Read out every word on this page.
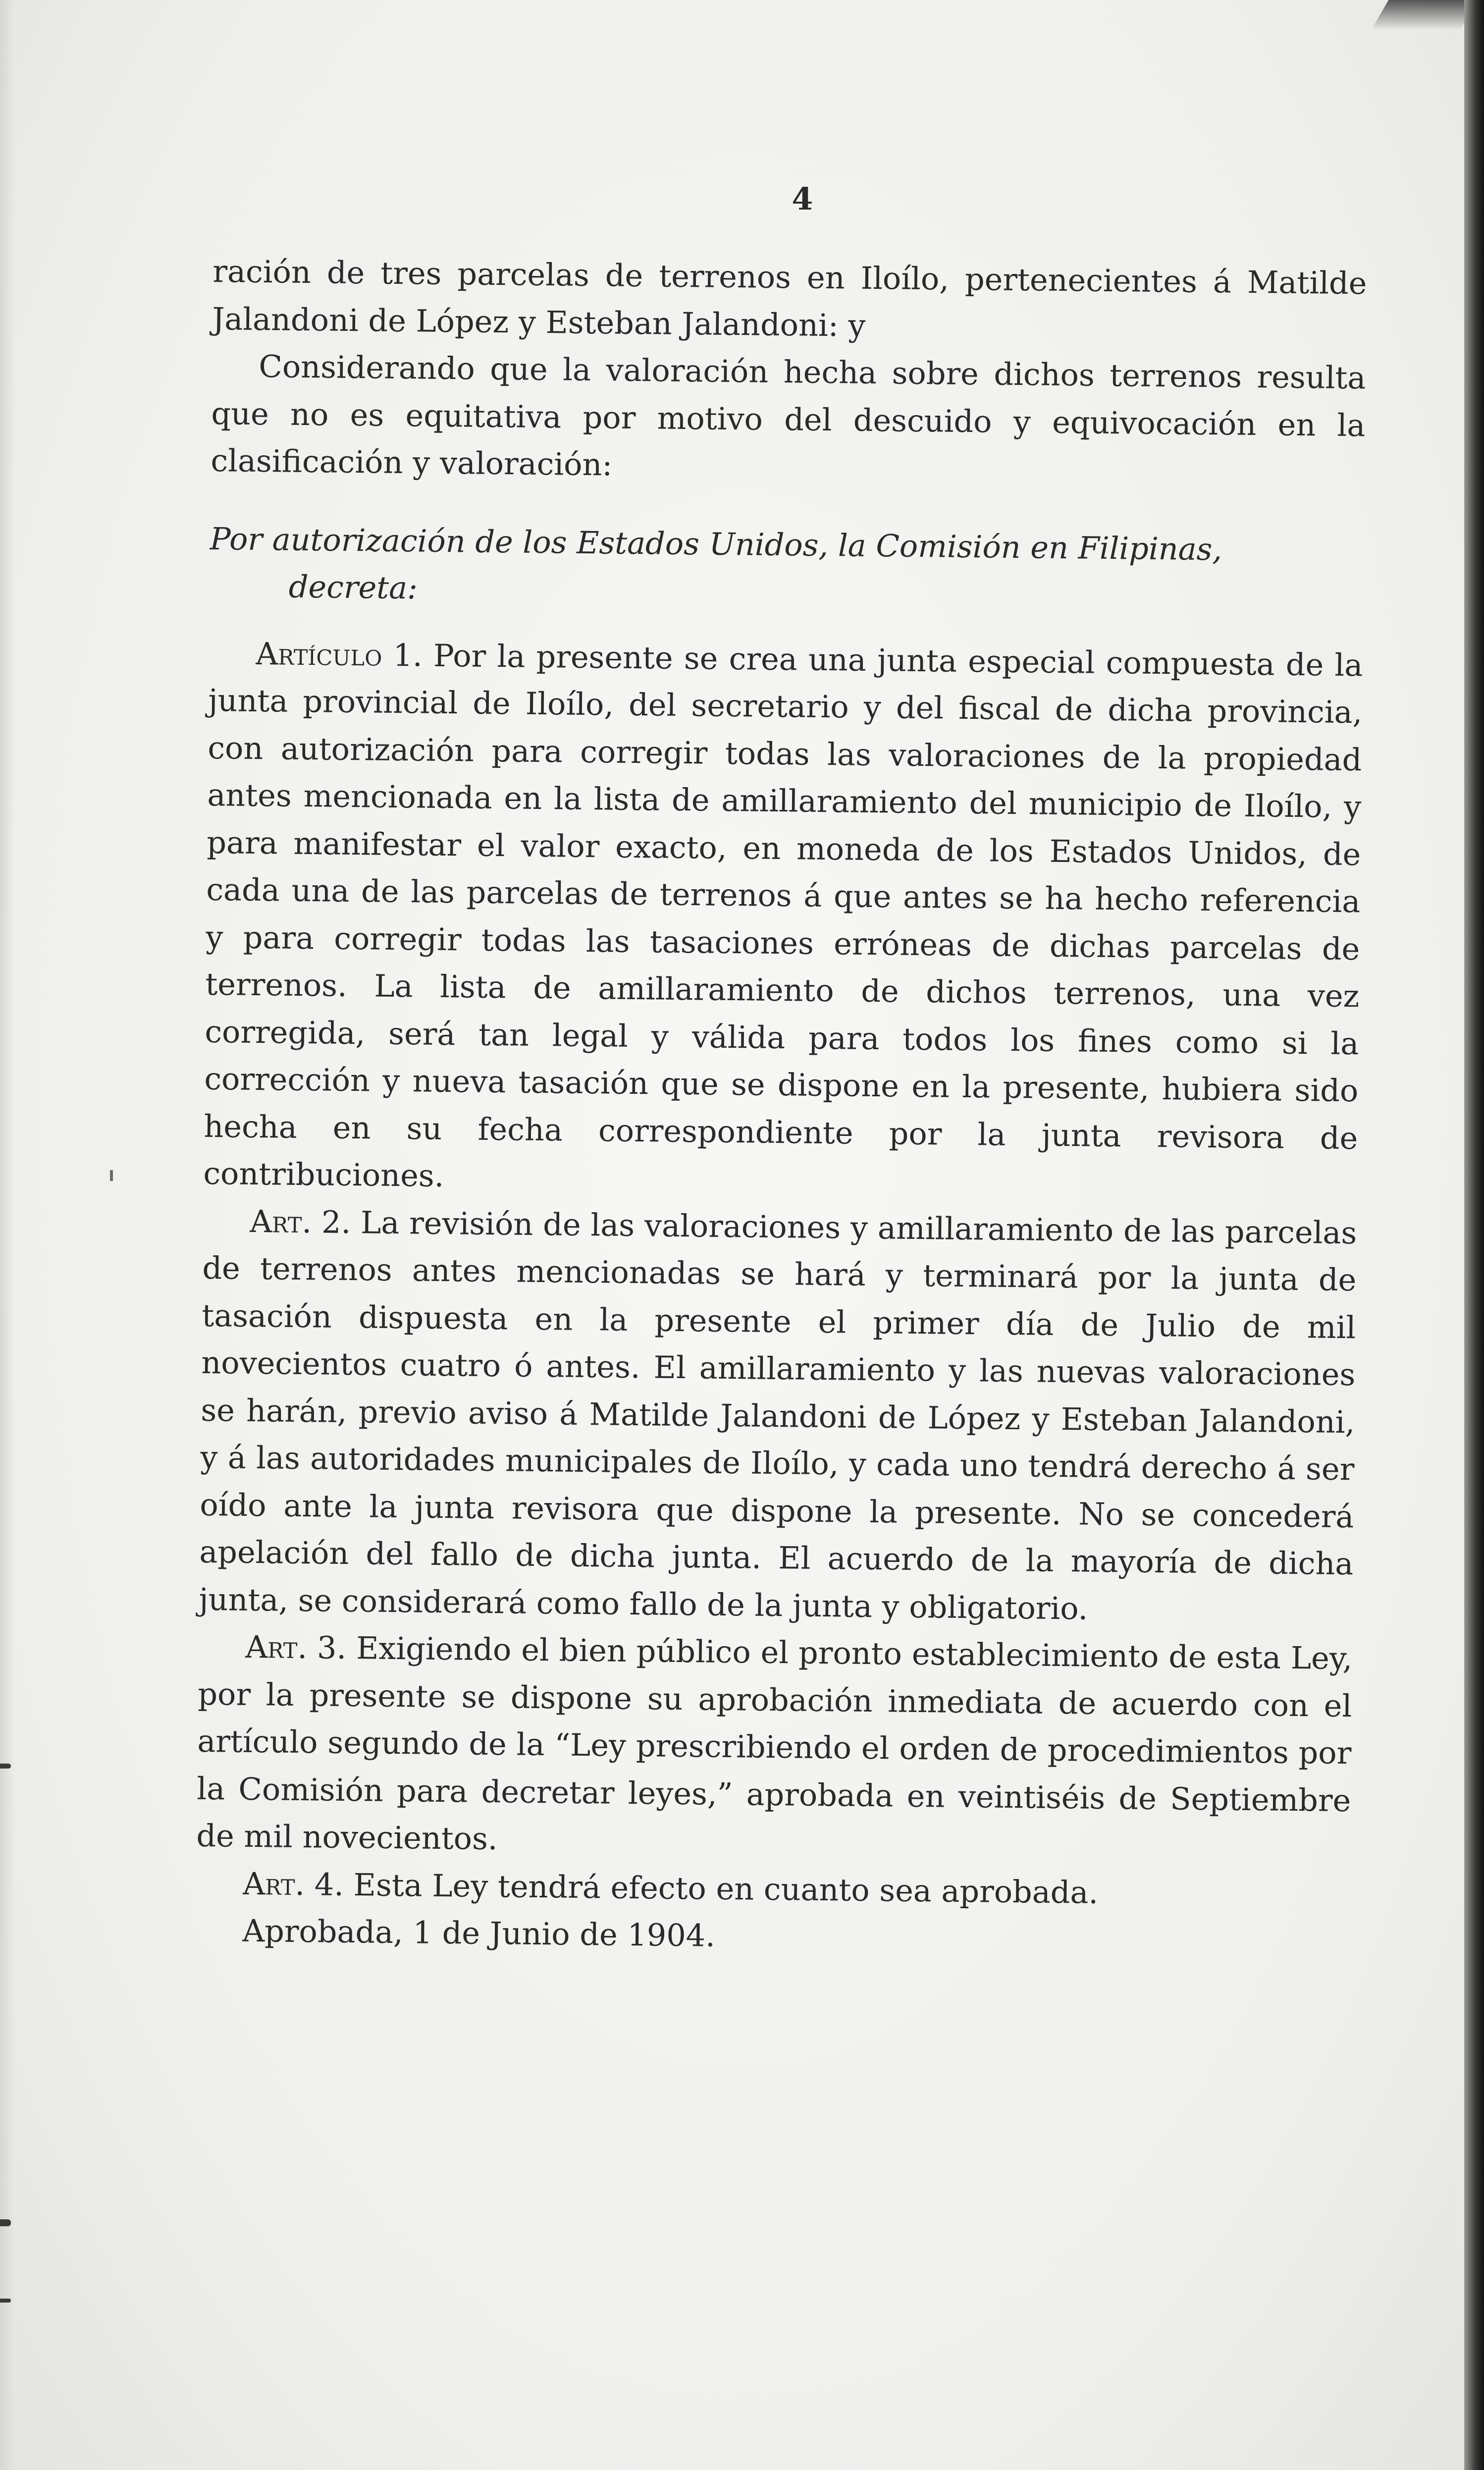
4

ración de tres parcelas de terrenos en Iloílo, pertenecientes á Matilde Jalandoni de López y Esteban Jalandoni: y

Considerando que la valoración hecha sobre dichos terrenos resulta que no es equitativa por motivo del descuido y equivocación en la clasificación y valoración:

Por autorización de los Estados Unidos, la Comisión en Filipinas,
decreta:

Artículo 1. Por la presente se crea una junta especial compuesta de la junta provincial de Iloílo, del secretario y del fiscal de dicha provincia, con autorización para corregir todas las valoraciones de la propiedad antes mencionada en la lista de amillaramiento del municipio de Iloílo, y para manifestar el valor exacto, en moneda de los Estados Unidos, de cada una de las parcelas de terrenos á que antes se ha hecho referencia y para corregir todas las tasaciones erróneas de dichas parcelas de terrenos. La lista de amillaramiento de dichos terrenos, una vez corregida, será tan legal y válida para todos los fines como si la corrección y nueva tasación que se dispone en la presente, hubiera sido hecha en su fecha correspondiente por la junta revisora de contribuciones.

Art. 2. La revisión de las valoraciones y amillaramiento de las parcelas de terrenos antes mencionadas se hará y terminará por la junta de tasación dispuesta en la presente el primer día de Julio de mil novecientos cuatro ó antes. El amillaramiento y las nuevas valoraciones se harán, previo aviso á Matilde Jalandoni de López y Esteban Jalandoni, y á las autoridades municipales de Iloílo, y cada uno tendrá derecho á ser oído ante la junta revisora que dispone la presente. No se concederá apelación del fallo de dicha junta. El acuerdo de la mayoría de dicha junta, se considerará como fallo de la junta y obligatorio.

Art. 3. Exigiendo el bien público el pronto establecimiento de esta Ley, por la presente se dispone su aprobación inmediata de acuerdo con el artículo segundo de la “Ley prescribiendo el orden de procedimientos por la Comisión para decretar leyes,” aprobada en veintiséis de Septiembre de mil novecientos.

Art. 4. Esta Ley tendrá efecto en cuanto sea aprobada.

Aprobada, 1 de Junio de 1904.
